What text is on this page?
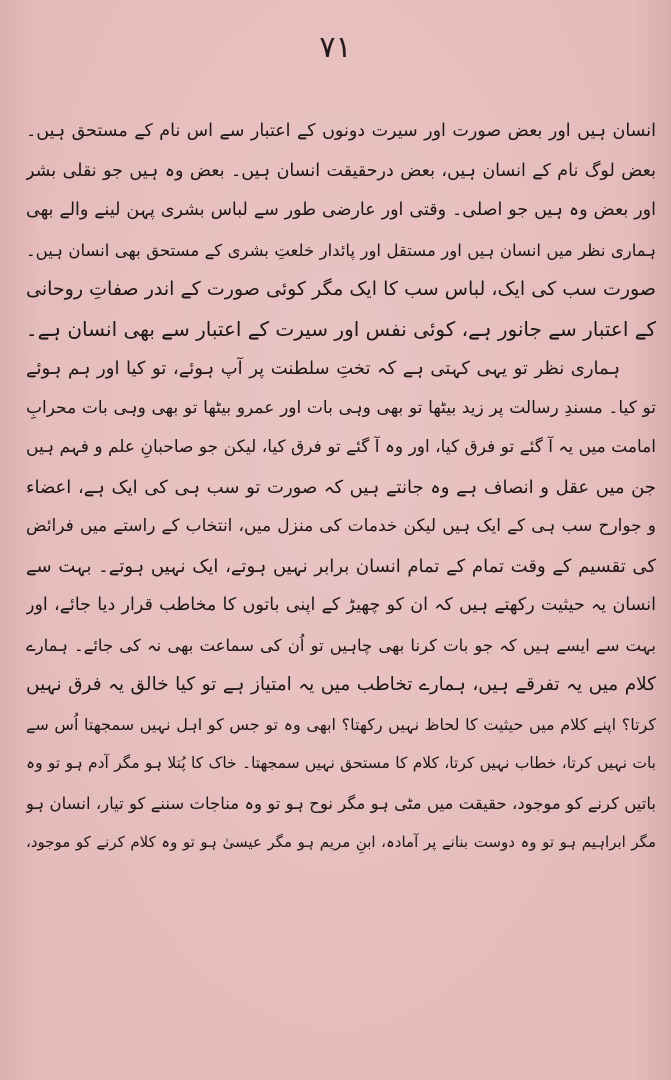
۷۱
انسان ہیں اور بعض صورت اور سیرت دونوں کے اعتبار سے اس نام کے مستحق ہیں۔
بعض لوگ نام کے انسان ہیں، بعض درحقیقت انسان ہیں۔ بعض وہ ہیں جو نقلی بشر
اور بعض وہ ہیں جو اصلی۔ وقتی اور عارضی طور سے لباس بشری پہن لینے والے بھی
ہماری نظر میں انسان ہیں اور مستقل اور پائدار خلعتِ بشری کے مستحق بھی انسان ہیں۔
صورت سب کی ایک، لباس سب کا ایک مگر کوئی صورت کے اندر صفاتِ روحانی
کے اعتبار سے جانور ہے، کوئی نفس اور سیرت کے اعتبار سے بھی انسان ہے۔
ہماری نظر تو یہی کہتی ہے کہ تختِ سلطنت پر آپ ہوئے، تو کیا اور ہم ہوئے
تو کیا۔ مسندِ رسالت پر زید بیٹھا تو بھی وہی بات اور عمرو بیٹھا تو بھی وہی بات محرابِ
امامت میں یہ آ گئے تو فرق کیا، اور وہ آ گئے تو فرق کیا، لیکن جو صاحبانِ علم و فہم ہیں
جن میں عقل و انصاف ہے وہ جانتے ہیں کہ صورت تو سب ہی کی ایک ہے، اعضاء
و جوارح سب ہی کے ایک ہیں لیکن خدمات کی منزل میں، انتخاب کے راستے میں فرائض
کی تقسیم کے وقت تمام کے تمام انسان برابر نہیں ہوتے، ایک نہیں ہوتے۔ بہت سے
انسان یہ حیثیت رکھتے ہیں کہ ان کو چھیڑ کے اپنی باتوں کا مخاطب قرار دیا جائے، اور
بہت سے ایسے ہیں کہ جو بات کرنا بھی چاہیں تو اُن کی سماعت بھی نہ کی جائے۔ ہمارے
کلام میں یہ تفرقے ہیں، ہمارے تخاطب میں یہ امتیاز ہے تو کیا خالق یہ فرق نہیں
کرتا؟ اپنے کلام میں حیثیت کا لحاظ نہیں رکھتا؟ ابھی وہ تو جس کو اہل نہیں سمجھتا اُس سے
بات نہیں کرتا، خطاب نہیں کرتا، کلام کا مستحق نہیں سمجھتا۔ خاک کا پُتلا ہو مگر آدم ہو تو وہ
باتیں کرنے کو موجود، حقیقت میں مٹی ہو مگر نوح ہو تو وہ مناجات سننے کو تیار، انسان ہو
مگر ابراہیم ہو تو وہ دوست بنانے پر آمادہ، ابنِ مریم ہو مگر عیسیٰ ہو تو وہ کلام کرنے کو موجود،
